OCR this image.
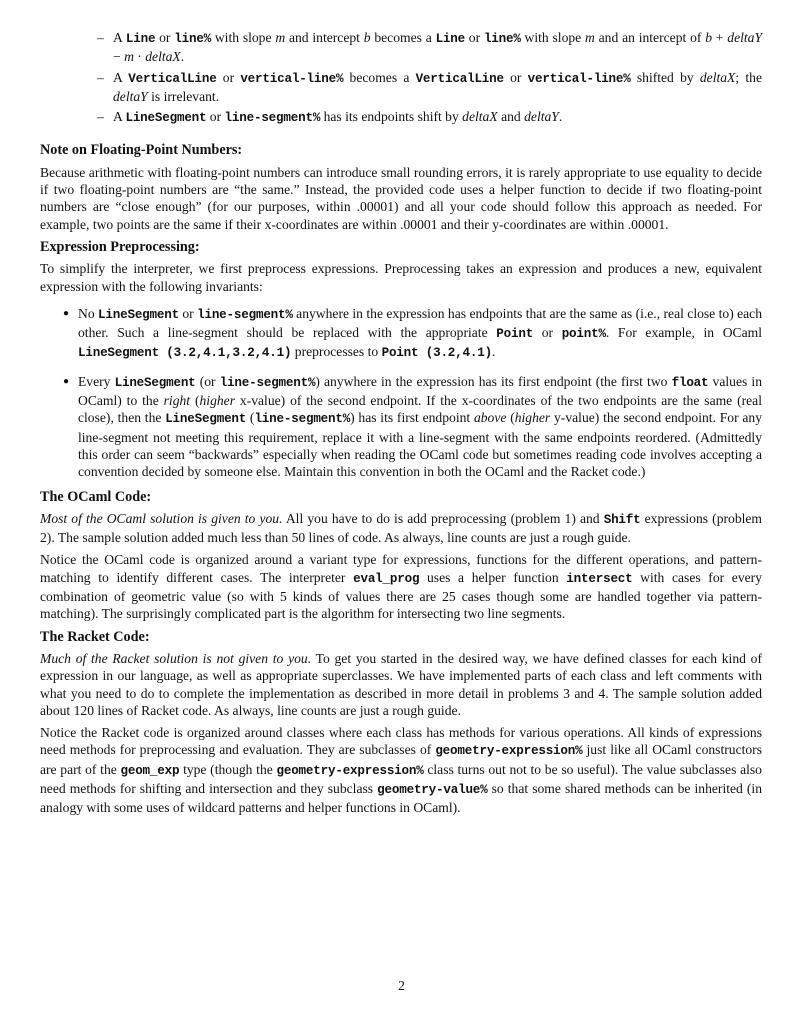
– A Line or line% with slope m and intercept b becomes a Line or line% with slope m and an intercept of b + deltaY − m · deltaX.
– A VerticalLine or vertical-line% becomes a VerticalLine or vertical-line% shifted by deltaX; the deltaY is irrelevant.
– A LineSegment or line-segment% has its endpoints shift by deltaX and deltaY.
Note on Floating-Point Numbers:
Because arithmetic with floating-point numbers can introduce small rounding errors, it is rarely appropriate to use equality to decide if two floating-point numbers are “the same.” Instead, the provided code uses a helper function to decide if two floating-point numbers are “close enough” (for our purposes, within .00001) and all your code should follow this approach as needed. For example, two points are the same if their x-coordinates are within .00001 and their y-coordinates are within .00001.
Expression Preprocessing:
To simplify the interpreter, we first preprocess expressions. Preprocessing takes an expression and produces a new, equivalent expression with the following invariants:
● No LineSegment or line-segment% anywhere in the expression has endpoints that are the same as (i.e., real close to) each other. Such a line-segment should be replaced with the appropriate Point or point%. For example, in OCaml LineSegment (3.2,4.1,3.2,4.1) preprocesses to Point (3.2,4.1).
● Every LineSegment (or line-segment%) anywhere in the expression has its first endpoint (the first two float values in OCaml) to the right (higher x-value) of the second endpoint. If the x-coordinates of the two endpoints are the same (real close), then the LineSegment (line-segment%) has its first endpoint above (higher y-value) the second endpoint. For any line-segment not meeting this requirement, replace it with a line-segment with the same endpoints reordered. (Admittedly this order can seem “backwards” especially when reading the OCaml code but sometimes reading code involves accepting a convention decided by someone else. Maintain this convention in both the OCaml and the Racket code.)
The OCaml Code:
Most of the OCaml solution is given to you. All you have to do is add preprocessing (problem 1) and Shift expressions (problem 2). The sample solution added much less than 50 lines of code. As always, line counts are just a rough guide.
Notice the OCaml code is organized around a variant type for expressions, functions for the different operations, and pattern-matching to identify different cases. The interpreter eval_prog uses a helper function intersect with cases for every combination of geometric value (so with 5 kinds of values there are 25 cases though some are handled together via pattern-matching). The surprisingly complicated part is the algorithm for intersecting two line segments.
The Racket Code:
Much of the Racket solution is not given to you. To get you started in the desired way, we have defined classes for each kind of expression in our language, as well as appropriate superclasses. We have implemented parts of each class and left comments with what you need to do to complete the implementation as described in more detail in problems 3 and 4. The sample solution added about 120 lines of Racket code. As always, line counts are just a rough guide.
Notice the Racket code is organized around classes where each class has methods for various operations. All kinds of expressions need methods for preprocessing and evaluation. They are subclasses of geometry-expression% just like all OCaml constructors are part of the geom_exp type (though the geometry-expression% class turns out not to be so useful). The value subclasses also need methods for shifting and intersection and they subclass geometry-value% so that some shared methods can be inherited (in analogy with some uses of wildcard patterns and helper functions in OCaml).
2
